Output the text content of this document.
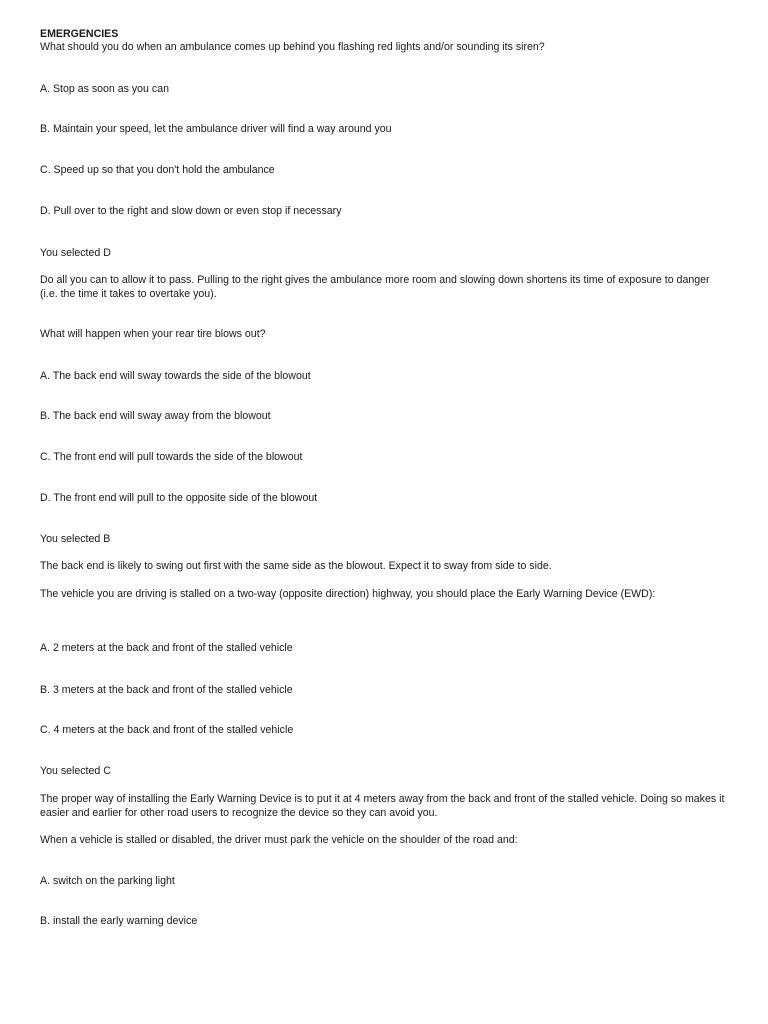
EMERGENCIES
What should you do when an ambulance comes up behind you flashing red lights and/or sounding its siren?
A. Stop as soon as you can
B. Maintain your speed, let the ambulance driver will find a way around you
C. Speed up so that you don't hold the ambulance
D. Pull over to the right and slow down or even stop if necessary
You selected D
Do all you can to allow it to pass. Pulling to the right gives the ambulance more room and slowing down shortens its time of exposure to danger (i.e. the time it takes to overtake you).
What will happen when your rear tire blows out?
A. The back end will sway towards the side of the blowout
B. The back end will sway away from the blowout
C. The front end will pull towards the side of the blowout
D. The front end will pull to the opposite side of the blowout
You selected B
The back end is likely to swing out first with the same side as the blowout. Expect it to sway from side to side.
The vehicle you are driving is stalled on a two-way (opposite direction) highway, you should place the Early Warning Device (EWD):
A. 2 meters at the back and front of the stalled vehicle
B. 3 meters at the back and front of the stalled vehicle
C. 4 meters at the back and front of the stalled vehicle
You selected C
The proper way of installing the Early Warning Device is to put it at 4 meters away from the back and front of the stalled vehicle. Doing so makes it easier and earlier for other road users to recognize the device so they can avoid you.
When a vehicle is stalled or disabled, the driver must park the vehicle on the shoulder of the road and:
A. switch on the parking light
B. install the early warning device
